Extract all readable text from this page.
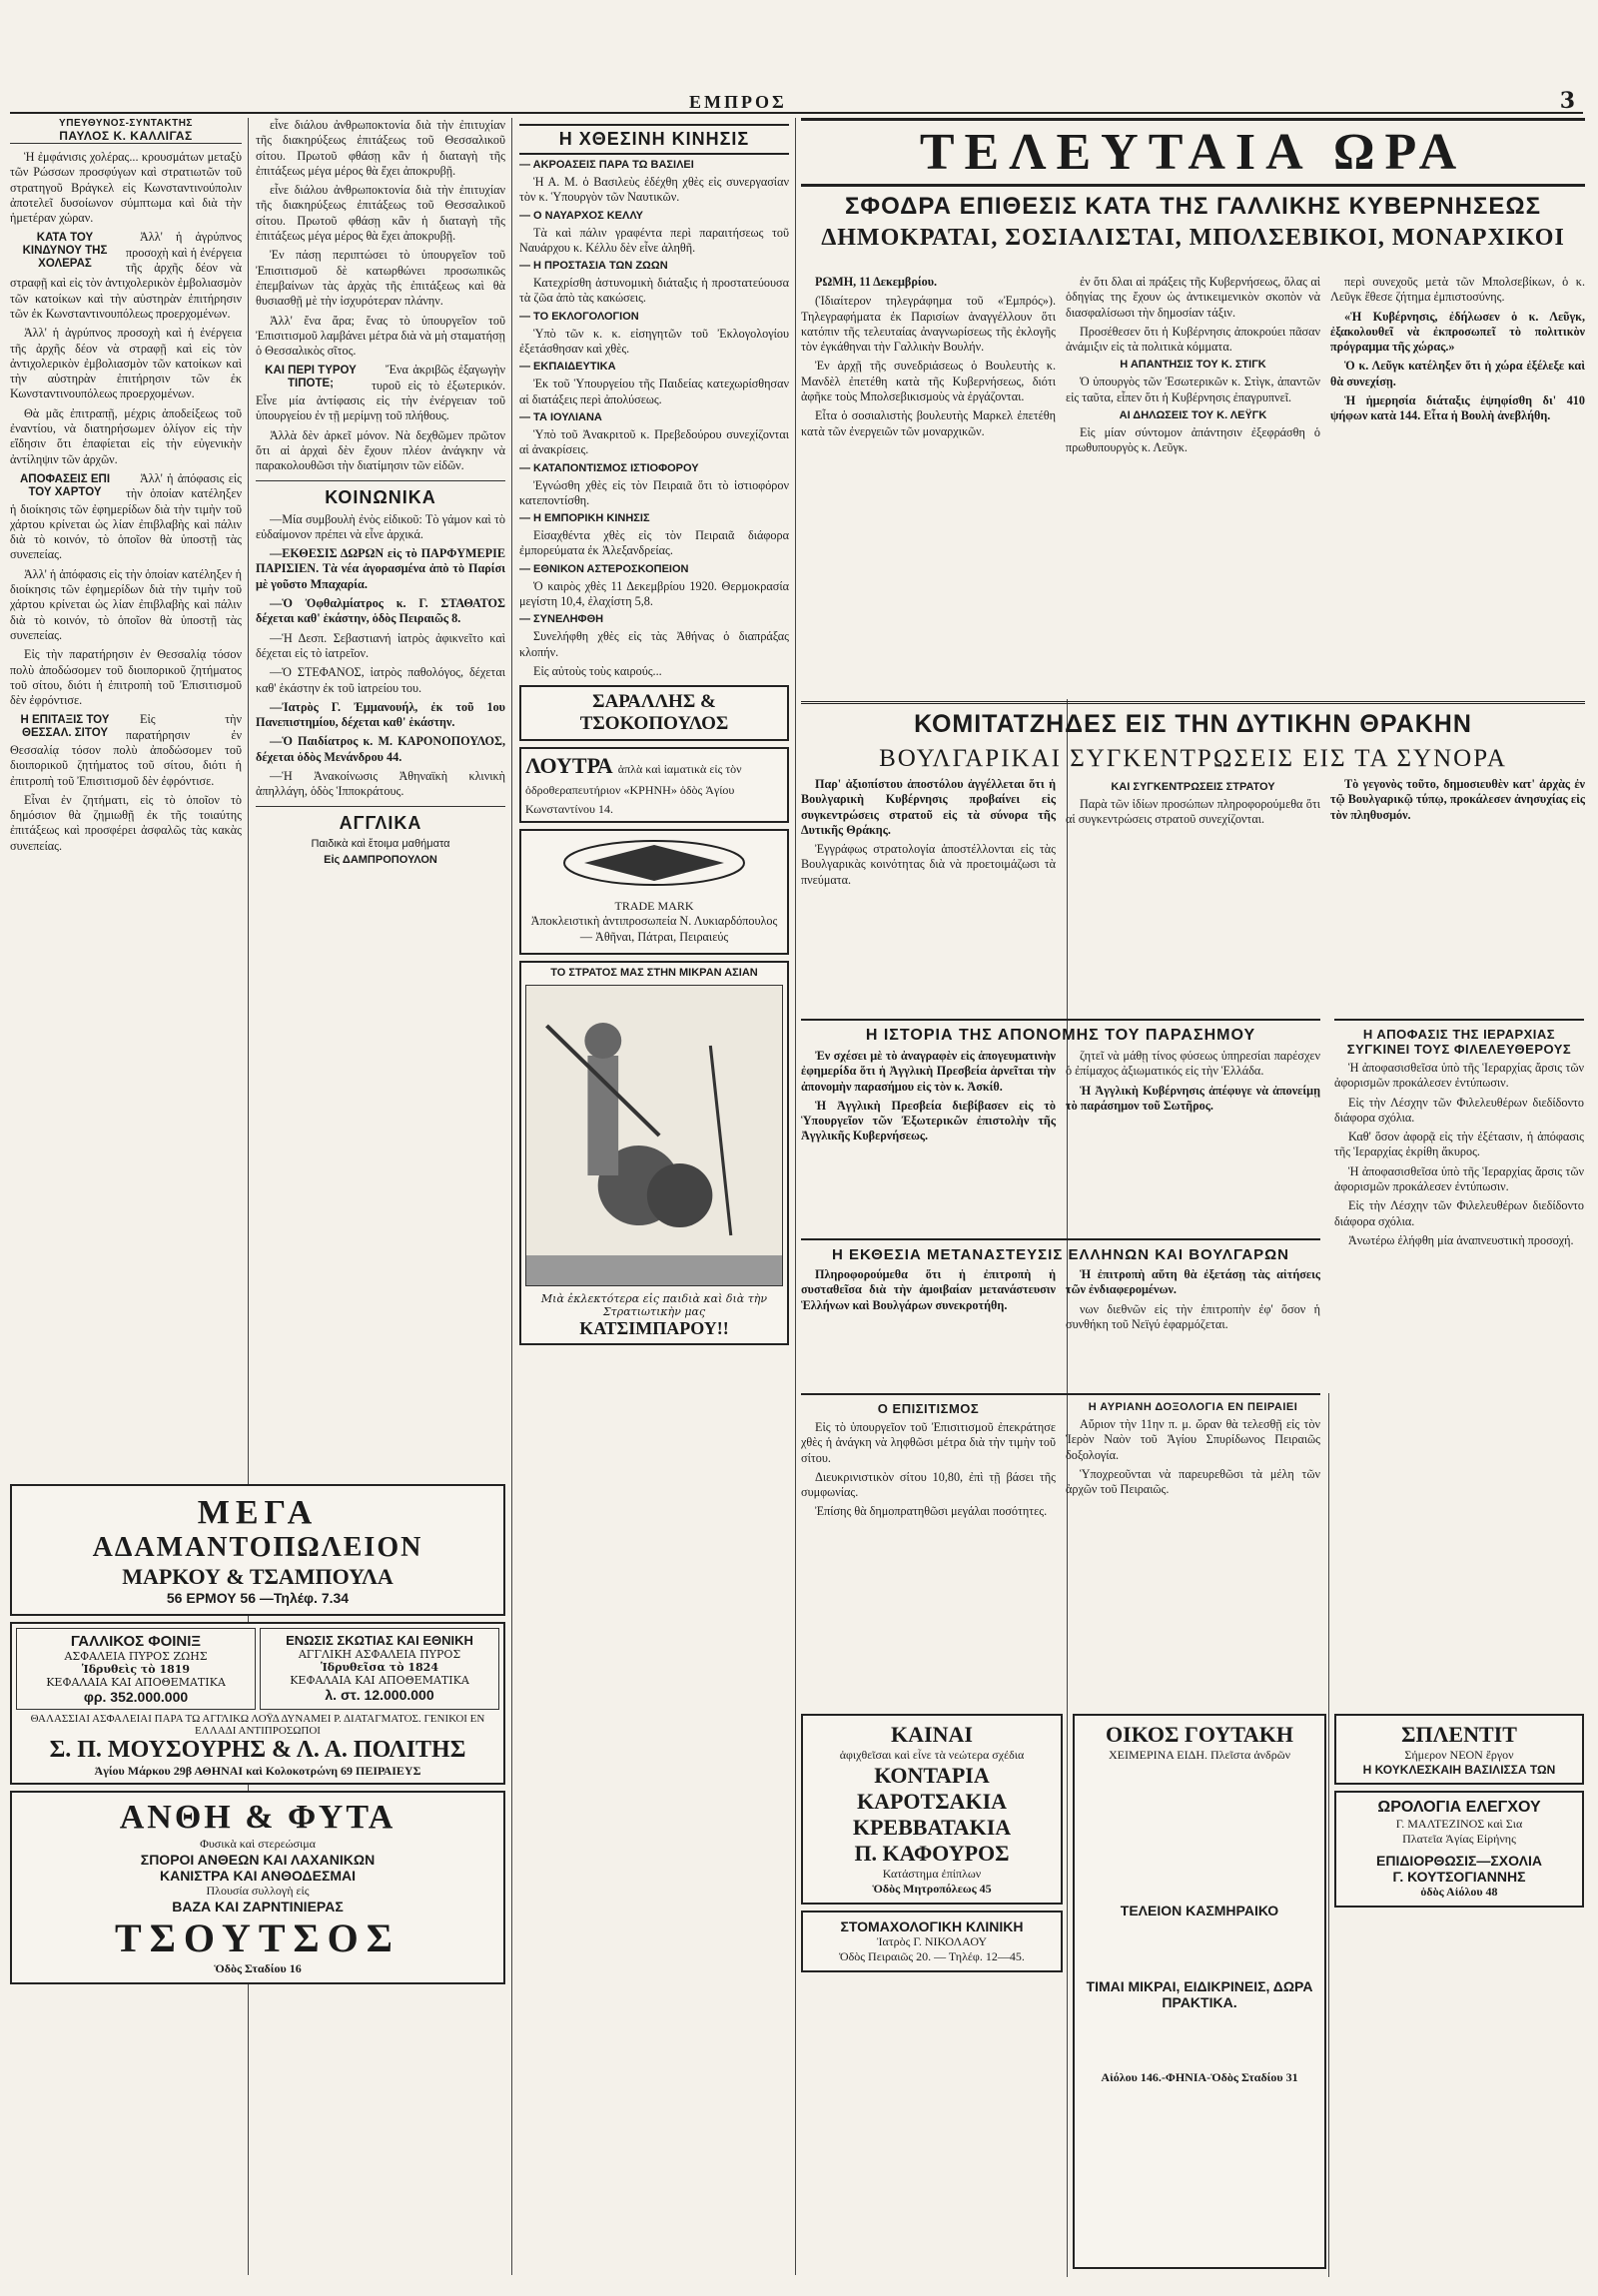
ΕΜΠΡΟΣ	3
ΥΠΕΥΘΥΝΟΣ-ΣΥΝΤΑΚΤΗΣ
ΠΑΥΛΟΣ Κ. ΚΑΛΛΙΓΑΣ

Ἡ ἐμφάνισις χολέρας... κρουσμάτων μεταξὺ τῶν Ρώσσων προσφύγων καὶ στρατιωτῶν τοῦ στρατηγοῦ Βράγκελ εἰς Κωνσταντινούπολιν ἀποτελεῖ δυσοίωνον σύμπτωμα καὶ διὰ τὴν ἡμετέραν χώραν.

ΚΑΤΑ ΤΟΥ ΚΙΝΔΥΝΟΥ ΤΗΣ ΧΟΛΕΡΑΣ

Ἀλλ' ἡ ἀγρύπνος προσοχὴ καὶ ἡ ἐνέργεια τῆς ἀρχῆς δέον νὰ στραφῇ καὶ εἰς τὸν ἀντιχολερικὸν ἐμβολιασμὸν τῶν κατοίκων καὶ τὴν αὐστηρὰν ἐπιτήρησιν τῶν ἐκ Κωνσταντινουπόλεως προερχομένων.

Ἀλλ' ἡ ἀγρύπνος προσοχὴ καὶ ἡ ἐνέργεια τῆς ἀρχῆς δέον νὰ στραφῇ καὶ εἰς τὸν ἀντιχολερικὸν ἐμβολιασμὸν τῶν κατοίκων καὶ τὴν αὐστηρὰν ἐπιτήρησιν τῶν ἐκ Κωνσταντινουπόλεως προερχομένων.

Θὰ μᾶς ἐπιτραπῇ, μέχρις ἀποδείξεως τοῦ ἐναντίου, νὰ διατηρήσωμεν ὀλίγον εἰς τὴν εἴδησιν ὅτι ἐπαφίεται εἰς τὴν εὐγενικὴν ἀντίληψιν τῶν ἀρχῶν.

ΑΠΟΦΑΣΕΙΣ ΕΠΙ ΤΟΥ ΧΑΡΤΟΥ

Ἀλλ' ἡ ἀπόφασις εἰς τὴν ὁποίαν κατέληξεν ἡ διοίκησις τῶν ἐφημερίδων διὰ τὴν τιμὴν τοῦ χάρτου κρίνεται ὡς λίαν ἐπιβλαβὴς καὶ πάλιν διὰ τὸ κοινόν, τὸ ὁποῖον θὰ ὑποστῇ τὰς συνεπείας.

Ἀλλ' ἡ ἀπόφασις εἰς τὴν ὁποίαν κατέληξεν ἡ διοίκησις τῶν ἐφημερίδων διὰ τὴν τιμὴν τοῦ χάρτου κρίνεται ὡς λίαν ἐπιβλαβὴς καὶ πάλιν διὰ τὸ κοινόν, τὸ ὁποῖον θὰ ὑποστῇ τὰς συνεπείας.

Εἰς τὴν παρατήρησιν ἐν Θεσσαλίᾳ τόσον πολὺ ἀποδώσομεν τοῦ διοιπορικοῦ ζητήματος τοῦ σίτου, διότι ἡ ἐπιτροπὴ τοῦ Ἐπισιτισμοῦ δὲν ἐφρόντισε.

Η ΕΠΙΤΑΞΙΣ ΤΟΥ ΘΕΣΣΑΛ. ΣΙΤΟΥ

Εἰς τὴν παρατήρησιν ἐν Θεσσαλίᾳ τόσον πολὺ ἀποδώσομεν τοῦ διοιπορικοῦ ζητήματος τοῦ σίτου, διότι ἡ ἐπιτροπὴ τοῦ Ἐπισιτισμοῦ δὲν ἐφρόντισε.

Εἶναι ἐν ζητήματι, εἰς τὸ ὁποῖον τὸ δημόσιον θὰ ζημιωθῇ ἐκ τῆς τοιαύτης ἐπιτάξεως καὶ προσφέρει ἀσφαλῶς τὰς κακὰς συνεπείας.

ΜΕΓΑ
ΑΔΑΜΑΝΤΟΠΩΛΕΙΟΝ
ΜΑΡΚΟΥ & ΤΣΑΜΠΟΥΛΑ
56 ΕΡΜΟΥ 56 —Τηλέφ. 7.34
ΓΑΛΛΙΚΟΣ ΦΟΙΝΙΞ
ΑΣΦΑΛΕΙΑ ΠΥΡΟΣ ΖΩΗΣ
Ἱδρυθεὶς τὸ 1819
ΚΕΦΑΛΑΙΑ ΚΑΙ ΑΠΟΘΕΜΑΤΙΚΑ
φρ. 352.000.000
ΕΝΩΣΙΣ ΣΚΩΤΙΑΣ ΚΑΙ ΕΘΝΙΚΗ
ΑΓΓΛΙΚΗ ΑΣΦΑΛΕΙΑ ΠΥΡΟΣ
Ἱδρυθεῖσα τὸ 1824
ΚΕΦΑΛΑΙΑ ΚΑΙ ΑΠΟΘΕΜΑΤΙΚΑ
λ. στ. 12.000.000
ΘΑΛΑΣΣΙΑΙ ΑΣΦΑΛΕΙΑΙ ΠΑΡΑ ΤΩ ΑΓΓΛΙΚΩ ΛΟΫΔ ΔΥΝΑΜΕΙ Ρ. ΔΙΑΤΑΓΜΑΤΟΣ. ΓΕΝΙΚΟΙ ΕΝ ΕΛΛΑΔΙ ΑΝΤΙΠΡΟΣΩΠΟΙ
Σ. Π. ΜΟΥΣΟΥΡΗΣ & Λ. Α. ΠΟΛΙΤΗΣ
Ἁγίου Μάρκου 29β ΑΘΗΝΑΙ καὶ Κολοκοτρώνη 69 ΠΕΙΡΑΙΕΥΣ
ΑΝΘΗ & ΦΥΤΑ
Φυσικὰ καὶ στερεώσιμα
ΣΠΟΡΟΙ ΑΝΘΕΩΝ ΚΑΙ ΛΑΧΑΝΙΚΩΝ
ΚΑΝΙΣΤΡΑ ΚΑΙ ΑΝΘΟΔΕΣΜΑΙ
Πλουσία συλλογὴ εἰς
ΒΑΖΑ ΚΑΙ ΖΑΡΝΤΙΝΙΕΡΑΣ
ΤΣΟΥΤΣΟΣ
Ὁδὸς Σταδίου 16

εἶνε διάλου ἀνθρωποκτονία διὰ τὴν ἐπιτυχίαν τῆς διακηρύξεως ἐπιτάξεως τοῦ Θεσσαλικοῦ σίτου. Πρωτοῦ φθάσῃ κἂν ἡ διαταγὴ τῆς ἐπιτάξεως μέγα μέρος θὰ ἔχει ἀποκρυβῇ.

εἶνε διάλου ἀνθρωποκτονία διὰ τὴν ἐπιτυχίαν τῆς διακηρύξεως ἐπιτάξεως τοῦ Θεσσαλικοῦ σίτου. Πρωτοῦ φθάσῃ κἂν ἡ διαταγὴ τῆς ἐπιτάξεως μέγα μέρος θὰ ἔχει ἀποκρυβῇ.

Ἐν πάσῃ περιπτώσει τὸ ὑπουργεῖον τοῦ Ἐπισιτισμοῦ δὲ κατωρθώνει προσωπικῶς ἐπεμβαίνων τὰς ἀρχὰς τῆς ἐπιτάξεως καὶ θὰ θυσιασθῇ μὲ τὴν ἰσχυρότεραν πλάνην.

Ἀλλ' ἔνα ἄρα; ἕνας τὸ ὑπουργεῖον τοῦ Ἐπισιτισμοῦ λαμβάνει μέτρα διὰ νὰ μὴ σταματήσῃ ὁ Θεσσαλικὸς σῖτος.

ΚΑΙ ΠΕΡΙ ΤΥΡΟΥ ΤΙΠΟΤΕ;

Ἔνα ἀκριβῶς ἐξαγωγὴν τυροῦ εἰς τὸ ἐξωτερικόν. Εἶνε μία ἀντίφασις εἰς τὴν ἐνέργειαν τοῦ ὑπουργείου ἐν τῇ μερίμνῃ τοῦ πλήθους.

Ἀλλὰ δὲν ἀρκεῖ μόνον. Νὰ δεχθῶμεν πρῶτον ὅτι αἱ ἀρχαὶ δὲν ἔχουν πλέον ἀνάγκην νὰ παρακολουθῶσι τὴν διατίμησιν τῶν εἰδῶν.

ΚΟΙΝΩΝΙΚΑ

—Μία συμβουλὴ ἐνὸς εἰδικοῦ: Τὸ γάμον καὶ τὸ εὐδαίμονον πρέπει νὰ εἶνε ἀρχικά.

—ΕΚΘΕΣΙΣ ΔΩΡΩΝ εἰς τὸ ΠΑΡΦΥΜΕΡΙΕ ΠΑΡΙΣΙΕΝ. Τὰ νέα ἀγορασμένα ἀπὸ τὸ Παρίσι μὲ γοῦστο Μπαχαρία.

—Ὁ Ὀφθαλμίατρος κ. Γ. ΣΤΑΘΑΤΟΣ δέχεται καθ' ἑκάστην, ὁδὸς Πειραιῶς 8.

—Ἡ Δεσπ. Σεβαστιανή ἰατρὸς ἀφικνεῖτο καὶ δέχεται εἰς τὸ ἰατρεῖον.

—Ὁ ΣΤΕΦΑΝΟΣ, ἰατρὸς παθολόγος, δέχεται καθ' ἑκάστην ἐκ τοῦ ἰατρείου του.

—Ἰατρὸς Γ. Ἐμμανουήλ, ἐκ τοῦ 1ου Πανεπιστημίου, δέχεται καθ' ἑκάστην.

—Ὁ Παιδίατρος κ. Μ. ΚΑΡΟΝΟΠΟΥΛΟΣ, δέχεται ὁδὸς Μενάνδρου 44.

—Ἡ Ἀνακοίνωσις Ἀθηναϊκὴ κλινικὴ ἀπηλλάγη, ὁδὸς Ἱπποκράτους.

ΑΓΓΛΙΚΑ
Παιδικὰ καὶ ἔτοιμα μαθήματα
Εἰς ΔΑΜΠΡΟΠΟΥΛΟΝ
Η ΧΘΕΣΙΝΗ ΚΙΝΗΣΙΣ
— ΑΚΡΟΑΣΕΙΣ ΠΑΡΑ ΤΩ ΒΑΣΙΛΕΙ

Ἡ Α. Μ. ὁ Βασιλεὺς ἐδέχθη χθὲς εἰς συνεργασίαν τὸν κ. Ὑπουργὸν τῶν Ναυτικῶν.

— Ο ΝΑΥΑΡΧΟΣ ΚΕΛΛΥ

Τὰ καὶ πάλιν γραφέντα περὶ παραιτήσεως τοῦ Ναυάρχου κ. Κέλλυ δὲν εἶνε ἀληθῆ.

— Η ΠΡΟΣΤΑΣΙΑ ΤΩΝ ΖΩΩΝ

Κατεχρίσθη ἀστυνομικὴ διάταξις ἡ προστατεύουσα τὰ ζῶα ἀπὸ τὰς κακώσεις.

— ΤΟ ΕΚΛΟΓΟΛΟΓΙΟΝ

Ὑπὸ τῶν κ. κ. εἰσηγητῶν τοῦ Ἐκλογολογίου ἐξετάσθησαν καὶ χθὲς.

— ΕΚΠΑΙΔΕΥΤΙΚΑ

Ἐκ τοῦ Ὑπουργείου τῆς Παιδείας κατεχωρίσθησαν αἱ διατάξεις περὶ ἀπολύσεως.

— ΤΑ ΙΟΥΛΙΑΝΑ

Ὑπὸ τοῦ Ἀνακριτοῦ κ. Πρεβεδούρου συνεχίζονται αἱ ἀνακρίσεις.

— ΚΑΤΑΠΟΝΤΙΣΜΟΣ ΙΣΤΙΟΦΟΡΟΥ

Ἐγνώσθη χθὲς εἰς τὸν Πειραιᾶ ὅτι τὸ ἱστιοφόρον κατεποντίσθη.

— Η ΕΜΠΟΡΙΚΗ ΚΙΝΗΣΙΣ

Εἰσαχθέντα χθὲς εἰς τὸν Πειραιᾶ διάφορα ἐμπορεύματα ἐκ Ἀλεξανδρείας.

— ΕΘΝΙΚΟΝ ΑΣΤΕΡΟΣΚΟΠΕΙΟΝ

Ὁ καιρὸς χθὲς 11 Δεκεμβρίου 1920. Θερμοκρασία μεγίστη 10,4, ἐλαχίστη 5,8.

— ΣΥΝΕΛΗΦΘΗ

Συνελήφθη χθὲς εἰς τὰς Ἀθήνας ὁ διαπράξας κλοπήν.

Εἰς αὐτοὺς τοὺς καιρούς...

ΣΑΡΑΛΛΗΣ & ΤΣΟΚΟΠΟΥΛΟΣ
ΛΟΥΤΡΑ ἁπλὰ καὶ ἰαματικὰ εἰς τὸν ὁδροθεραπευτήριον «ΚΡΗΝΗ» ὁδὸς Ἁγίου Κωνσταντίνου 14.
TRADE MARK

Ἀποκλειστικὴ ἀντιπροσωπεία Ν. Λυκιαρδόπουλος — Ἀθῆναι, Πάτραι, Πειραιεύς

ΤΟ ΣΤΡΑΤΟΣ ΜΑΣ ΣΤΗΝ ΜΙΚΡΑΝ ΑΣΙΑΝ
Μιὰ ἐκλεκτότερα εἰς παιδιὰ καὶ διὰ τὴν Στρατιωτικὴν μας
ΚΑΤΣΙΜΠΑΡΟΥ!!
ΤΕΛΕΥΤΑΙΑ ΩΡΑ
ΣΦΟΔΡΑ ΕΠΙΘΕΣΙΣ ΚΑΤΑ ΤΗΣ ΓΑΛΛΙΚΗΣ ΚΥΒΕΡΝΗΣΕΩΣ
ΔΗΜΟΚΡΑΤΑΙ, ΣΟΣΙΑΛΙΣΤΑΙ, ΜΠΟΛΣΕΒΙΚΟΙ, ΜΟΝΑΡΧΙΚΟΙ

ΡΩΜΗ, 11 Δεκεμβρίου.

(Ἰδιαίτερον τηλεγράφημα τοῦ «Ἐμπρός»). Τηλεγραφήματα ἐκ Παρισίων ἀναγγέλλουν ὅτι κατόπιν τῆς τελευταίας ἀναγνωρίσεως τῆς ἐκλογῆς τὸν ἐγκάθηναι τὴν Γαλλικὴν Βουλήν.

Ἐν ἀρχῇ τῆς συνεδριάσεως ὁ Βουλευτὴς κ. Μανδὲλ ἐπετέθη κατὰ τῆς Κυβερνήσεως, διότι ἀφῆκε τοὺς Μπολσεβικισμοὺς νὰ ἐργάζονται.

Εἶτα ὁ σοσιαλιστὴς βουλευτὴς Μαρκελ ἐπετέθη κατὰ τῶν ἐνεργειῶν τῶν μοναρχικῶν.

ἐν ὅτι δλαι αἱ πράξεις τῆς Κυβερνήσεως, ὅλας αἱ ὁδηγίας της ἔχουν ὡς ἀντικειμενικὸν σκοπὸν νὰ διασφαλίσωσι τὴν δημοσίαν τάξιν.

Προσέθεσεν ὅτι ἡ Κυβέρνησις ἀποκρούει πᾶσαν ἀνάμιξιν εἰς τὰ πολιτικὰ κόμματα.

Η ΑΠΑΝΤΗΣΙΣ ΤΟΥ Κ. ΣΤΙΓΚ

Ὁ ὑπουργὸς τῶν Ἐσωτερικῶν κ. Στὶγκ, ἀπαντῶν εἰς ταῦτα, εἶπεν ὅτι ἡ Κυβέρνησις ἐπαγρυπνεῖ.

ΑΙ ΔΗΛΩΣΕΙΣ ΤΟΥ Κ. ΛΕΫΓΚ

Εἰς μίαν σύντομον ἀπάντησιν ἐξεφράσθη ὁ πρωθυπουργὸς κ. Λεῦγκ.

περὶ συνεχοῦς μετὰ τῶν Μπολσεβίκων, ὁ κ. Λεῦγκ ἔθεσε ζήτημα ἐμπιστοσύνης.

«Ἡ Κυβέρνησις, ἐδήλωσεν ὁ κ. Λεῦγκ, ἐξακολουθεῖ νὰ ἐκπροσωπεῖ τὸ πολιτικὸν πρόγραμμα τῆς χώρας.»

Ὁ κ. Λεῦγκ κατέληξεν ὅτι ἡ χώρα ἐξέλεξε καὶ θὰ συνεχίσῃ.

Ἡ ἡμερησία διάταξις ἐψηφίσθη δι' 410 ψήφων κατὰ 144. Εἶτα ἡ Βουλὴ ἀνεβλήθη.

ΚΟΜΙΤΑΤΖΗΔΕΣ ΕΙΣ ΤΗΝ ΔΥΤΙΚΗΝ ΘΡΑΚΗΝ
ΒΟΥΛΓΑΡΙΚΑΙ ΣΥΓΚΕΝΤΡΩΣΕΙΣ ΕΙΣ ΤΑ ΣΥΝΟΡΑ

Παρ' ἀξιοπίστου ἀποστόλου ἀγγέλλεται ὅτι ἡ Βουλγαρικὴ Κυβέρνησις προβαίνει εἰς συγκεντρώσεις στρατοῦ εἰς τὰ σύνορα τῆς Δυτικῆς Θράκης.

Ἐγγράφως στρατολογία ἀποστέλλονται εἰς τὰς Βουλγαρικὰς κοινότητας διὰ νὰ προετοιμάζωσι τὰ πνεύματα.

ΚΑΙ ΣΥΓΚΕΝΤΡΩΣΕΙΣ ΣΤΡΑΤΟΥ

Παρὰ τῶν ἰδίων προσώπων πληροφορούμεθα ὅτι αἱ συγκεντρώσεις στρατοῦ συνεχίζονται.

Τὸ γεγονὸς τοῦτο, δημοσιευθὲν κατ' ἀρχὰς ἐν τῷ Βουλγαρικῷ τύπῳ, προκάλεσεν ἀνησυχίας εἰς τὸν πληθυσμόν.

Η ΙΣΤΟΡΙΑ ΤΗΣ ΑΠΟΝΟΜΗΣ ΤΟΥ ΠΑΡΑΣΗΜΟΥ

Ἐν σχέσει μὲ τὸ ἀναγραφὲν εἰς ἀπογευματινὴν ἐφημερίδα ὅτι ἡ Ἀγγλικὴ Πρεσβεία ἀρνεῖται τὴν ἀπονομὴν παρασήμου εἰς τὸν κ. Ἀσκίθ.

Ἡ Ἀγγλικὴ Πρεσβεία διεβίβασεν εἰς τὸ Ὑπουργεῖον τῶν Ἐξωτερικῶν ἐπιστολὴν τῆς Ἀγγλικῆς Κυβερνήσεως.

ζητεῖ νὰ μάθῃ τίνος φύσεως ὑπηρεσίαι παρέσχεν ὁ ἐπίμαχος ἀξιωματικός εἰς τὴν Ἑλλάδα.

Ἡ Ἀγγλικὴ Κυβέρνησις ἀπέφυγε νὰ ἀπονείμῃ τὸ παράσημον τοῦ Σωτῆρος.

Η ΕΚΘΕΣΙΑ ΜΕΤΑΝΑΣΤΕΥΣΙΣ ΕΛΛΗΝΩΝ ΚΑΙ ΒΟΥΛΓΑΡΩΝ

Πληροφορούμεθα ὅτι ἡ ἐπιτροπὴ ἡ συσταθεῖσα διὰ τὴν ἀμοιβαίαν μετανάστευσιν Ἑλλήνων καὶ Βουλγάρων συνεκροτήθη.

Ἡ ἐπιτροπὴ αὕτη θὰ ἐξετάσῃ τὰς αἰτήσεις τῶν ἐνδιαφερομένων.

νων διεθνῶν εἰς τὴν ἐπιτροπὴν ἐφ' ὅσον ἡ συνθήκη τοῦ Νεϊγύ ἐφαρμόζεται.

Ο ΕΠΙΣΙΤΙΣΜΟΣ

Εἰς τὸ ὑπουργεῖον τοῦ Ἐπισιτισμοῦ ἐπεκράτησε χθὲς ἡ ἀνάγκη νὰ ληφθῶσι μέτρα διὰ τὴν τιμὴν τοῦ σίτου.

Διευκρινιστικὸν σίτου 10,80, ἐπὶ τῇ βάσει τῆς συμφωνίας.

Ἐπίσης θὰ δημοπρατηθῶσι μεγάλαι ποσότητες.

Η ΑΥΡΙΑΝΗ ΔΟΞΟΛΟΓΙΑ ΕΝ ΠΕΙΡΑΙΕΙ

Αὔριον τὴν 11ην π. μ. ὥραν θὰ τελεσθῇ εἰς τὸν Ἱερὸν Ναὸν τοῦ Ἁγίου Σπυρίδωνος Πειραιῶς δοξολογία.

Ὑποχρεοῦνται νὰ παρευρεθῶσι τὰ μέλη τῶν ἀρχῶν τοῦ Πειραιῶς.

Η ΑΠΟΦΑΣΙΣ ΤΗΣ ΙΕΡΑΡΧΙΑΣ ΣΥΓΚΙΝΕΙ ΤΟΥΣ ΦΙΛΕΛΕΥΘΕΡΟΥΣ

Ἡ ἀποφασισθεῖσα ὑπὸ τῆς Ἱεραρχίας ἄρσις τῶν ἀφορισμῶν προκάλεσεν ἐντύπωσιν.

Εἰς τὴν Λέσχην τῶν Φιλελευθέρων διεδίδοντο διάφορα σχόλια.

Καθ' ὅσον ἀφορᾷ εἰς τὴν ἐξέτασιν, ἡ ἀπόφασις τῆς Ἱεραρχίας ἐκρίθη ἄκυρος.

Ἡ ἀποφασισθεῖσα ὑπὸ τῆς Ἱεραρχίας ἄρσις τῶν ἀφορισμῶν προκάλεσεν ἐντύπωσιν.

Εἰς τὴν Λέσχην τῶν Φιλελευθέρων διεδίδοντο διάφορα σχόλια.

Ἀνωτέρω ἐλήφθη μία ἀναπνευστικὴ προσοχή.

ΚΑΙΝΑΙ
ἀφιχθεῖσαι καὶ εἶνε τὰ νεώτερα σχέδια
ΚΟΝΤΑΡΙΑ
ΚΑΡΟΤΣΑΚΙΑ
ΚΡΕΒΒΑΤΑΚΙΑ
Π. ΚΑΦΟΥΡΟΣ
Κατάστημα ἐπίπλων
Ὁδὸς Μητροπόλεως 45
ΣΤΟΜΑΧΟΛΟΓΙΚΗ ΚΛΙΝΙΚΗ
Ἰατρὸς Γ. ΝΙΚΟΛΑΟΥ
Ὁδὸς Πειραιῶς 20. — Τηλέφ. 12—45.
ΟΙΚΟΣ ΓΟΥΤΑΚΗ
ΧΕΙΜΕΡΙΝΑ ΕΙΔΗ. Πλεῖστα ἀνδρῶν
ΤΕΛΕΙΟΝ ΚΑΣΜΗΡΑΙΚΟ
ΤΙΜΑΙ ΜΙΚΡΑΙ, ΕΙΔΙΚΡΙΝΕΙΣ, ΔΩΡΑ ΠΡΑΚΤΙΚΑ.
Αἰόλου 146.-ΦΗΝΙΑ-Ὁδὸς Σταδίου 31
ΣΠΛΕΝΤΙΤ
Σήμερον ΝΕΟΝ ἔργον
Η ΚΟΥΚΛΕΣΚΑΙΗ ΒΑΣΙΛΙΣΣΑ ΤΩΝ
ΩΡΟΛΟΓΙΑ ΕΛΕΓΧΟΥ
Γ. ΜΑΛΤΕΖΙΝΟΣ καὶ Σια
Πλατεῖα Ἁγίας Εἰρήνης
ΕΠΙΔΙΟΡΘΩΣΙΣ—ΣΧΟΛΙΑ
Γ. ΚΟΥΤΣΟΓΙΑΝΝΗΣ
ὁδὸς Αἰόλου 48
